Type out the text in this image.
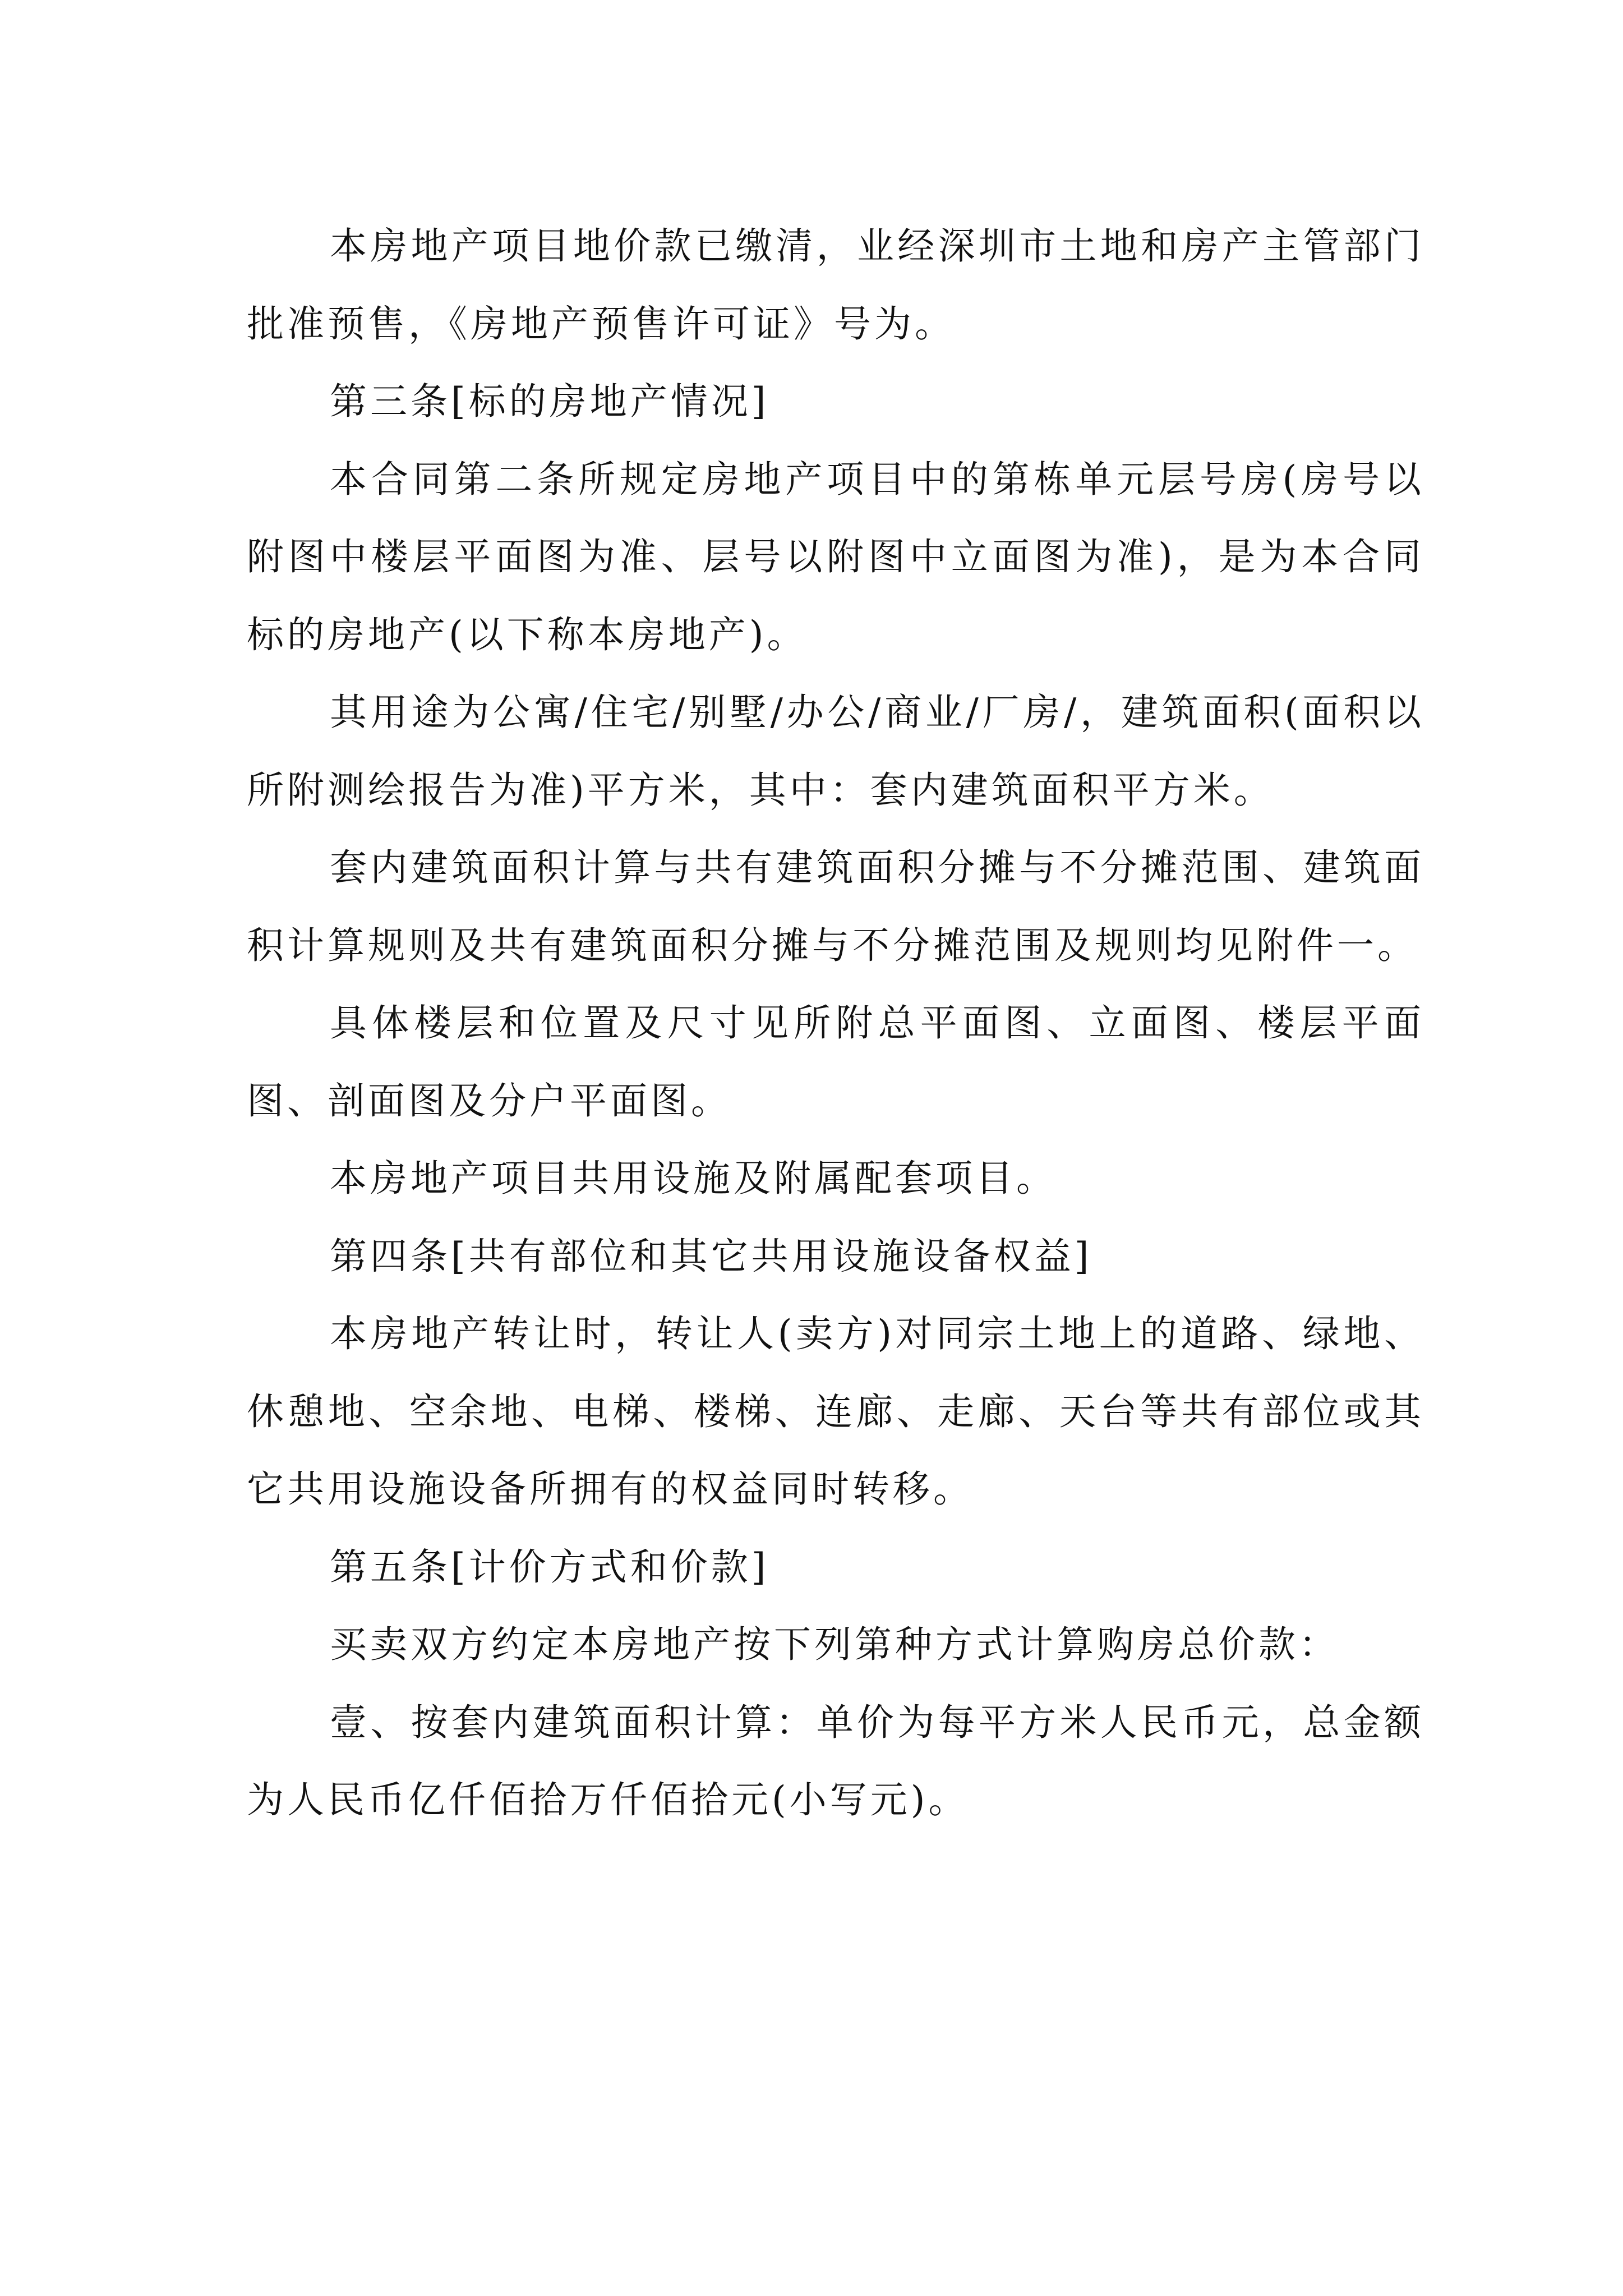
本房地产项目地价款已缴清，业经深圳市土地和房产主管部门批准预售，《房地产预售许可证》号为。

第三条[标的房地产情况]

本合同第二条所规定房地产项目中的第栋单元层号房(房号以附图中楼层平面图为准、层号以附图中立面图为准)，是为本合同标的房地产(以下称本房地产)。

其用途为公寓/住宅/别墅/办公/商业/厂房/，建筑面积(面积以所附测绘报告为准)平方米，其中：套内建筑面积平方米。

套内建筑面积计算与共有建筑面积分摊与不分摊范围、建筑面积计算规则及共有建筑面积分摊与不分摊范围及规则均见附件一。

具体楼层和位置及尺寸见所附总平面图、立面图、楼层平面图、剖面图及分户平面图。

本房地产项目共用设施及附属配套项目。

第四条[共有部位和其它共用设施设备权益]

本房地产转让时，转让人(卖方)对同宗土地上的道路、绿地、休憩地、空余地、电梯、楼梯、连廊、走廊、天台等共有部位或其它共用设施设备所拥有的权益同时转移。

第五条[计价方式和价款]

买卖双方约定本房地产按下列第种方式计算购房总价款：

壹、按套内建筑面积计算：单价为每平方米人民币元，总金额为人民币亿仟佰拾万仟佰拾元(小写元)。
